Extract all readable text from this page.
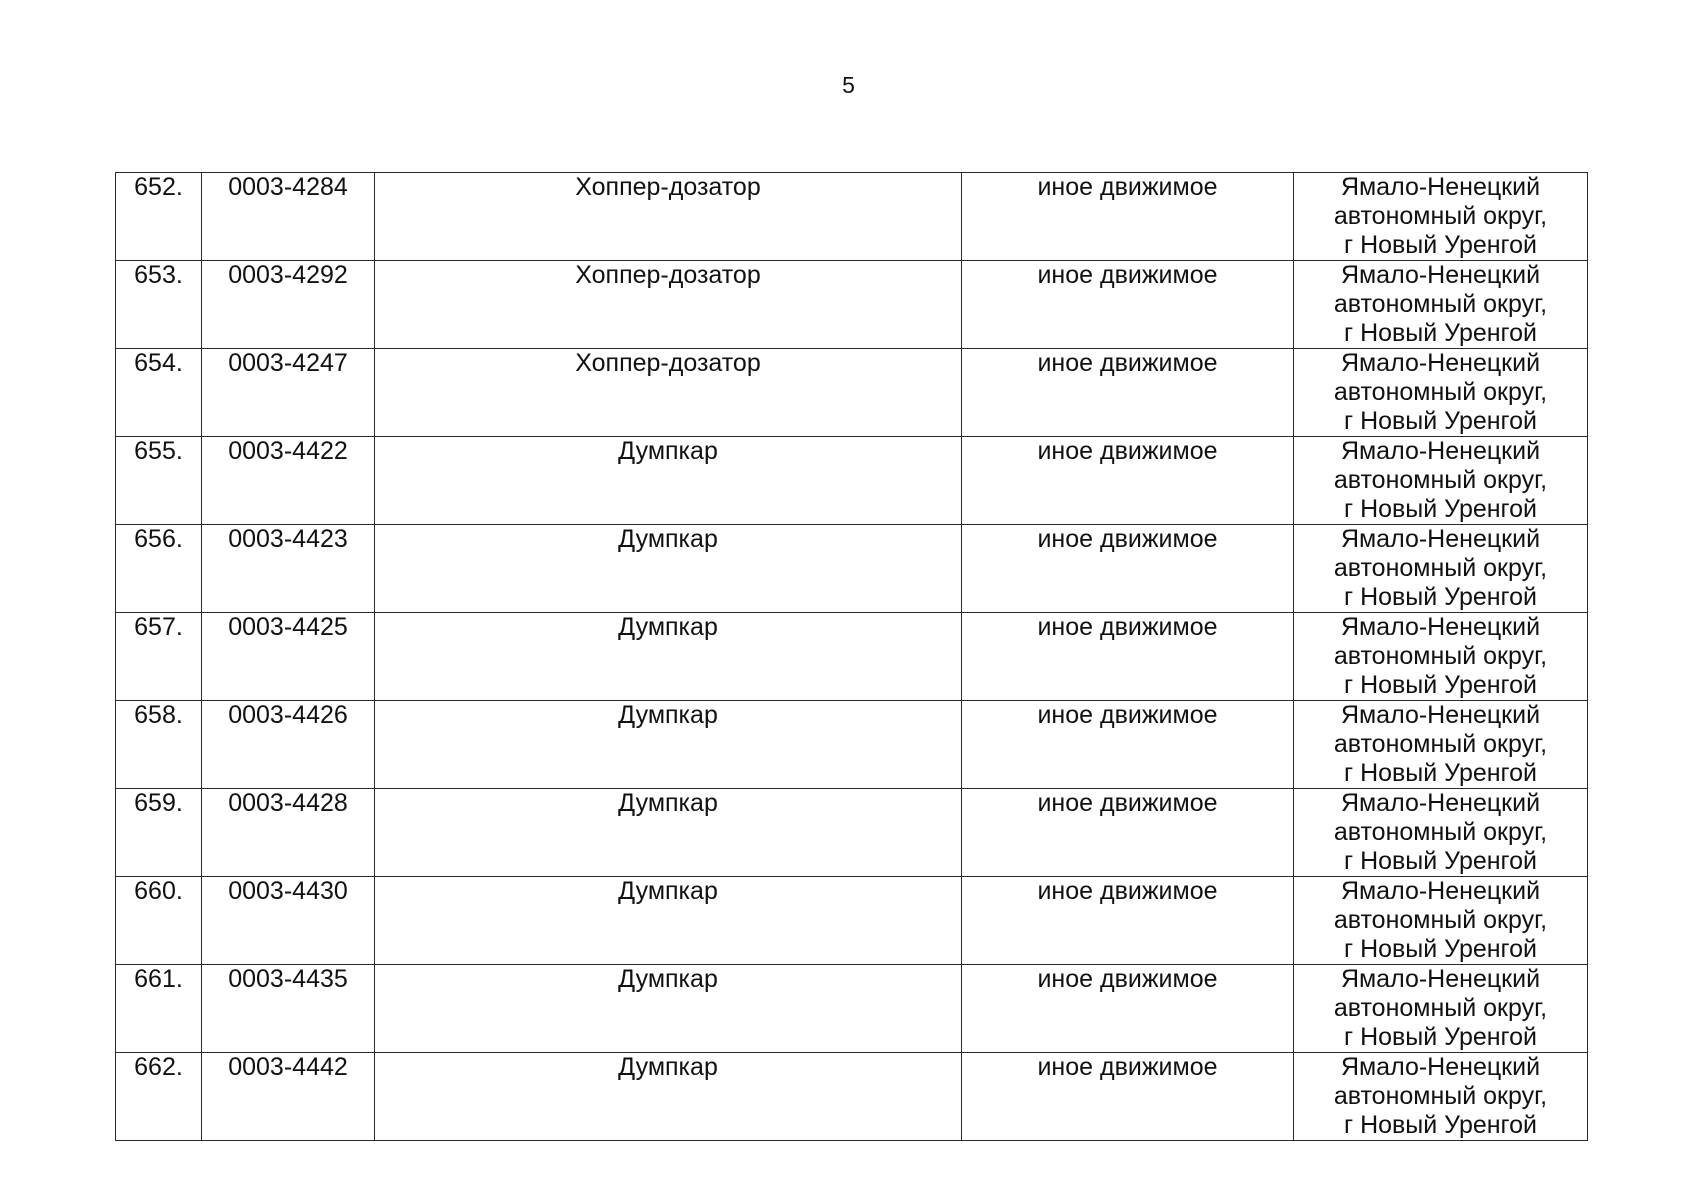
5
652.	0003-4284	Хоппер-дозатор	иное движимое	Ямало-Ненецкий
автономный округ,
г Новый Уренгой

653.	0003-4292	Хоппер-дозатор	иное движимое	Ямало-Ненецкий
автономный округ,
г Новый Уренгой

654.	0003-4247	Хоппер-дозатор	иное движимое	Ямало-Ненецкий
автономный округ,
г Новый Уренгой

655.	0003-4422	Думпкар	иное движимое	Ямало-Ненецкий
автономный округ,
г Новый Уренгой

656.	0003-4423	Думпкар	иное движимое	Ямало-Ненецкий
автономный округ,
г Новый Уренгой

657.	0003-4425	Думпкар	иное движимое	Ямало-Ненецкий
автономный округ,
г Новый Уренгой

658.	0003-4426	Думпкар	иное движимое	Ямало-Ненецкий
автономный округ,
г Новый Уренгой

659.	0003-4428	Думпкар	иное движимое	Ямало-Ненецкий
автономный округ,
г Новый Уренгой

660.	0003-4430	Думпкар	иное движимое	Ямало-Ненецкий
автономный округ,
г Новый Уренгой

661.	0003-4435	Думпкар	иное движимое	Ямало-Ненецкий
автономный округ,
г Новый Уренгой

662.	0003-4442	Думпкар	иное движимое	Ямало-Ненецкий
автономный округ,
г Новый Уренгой
